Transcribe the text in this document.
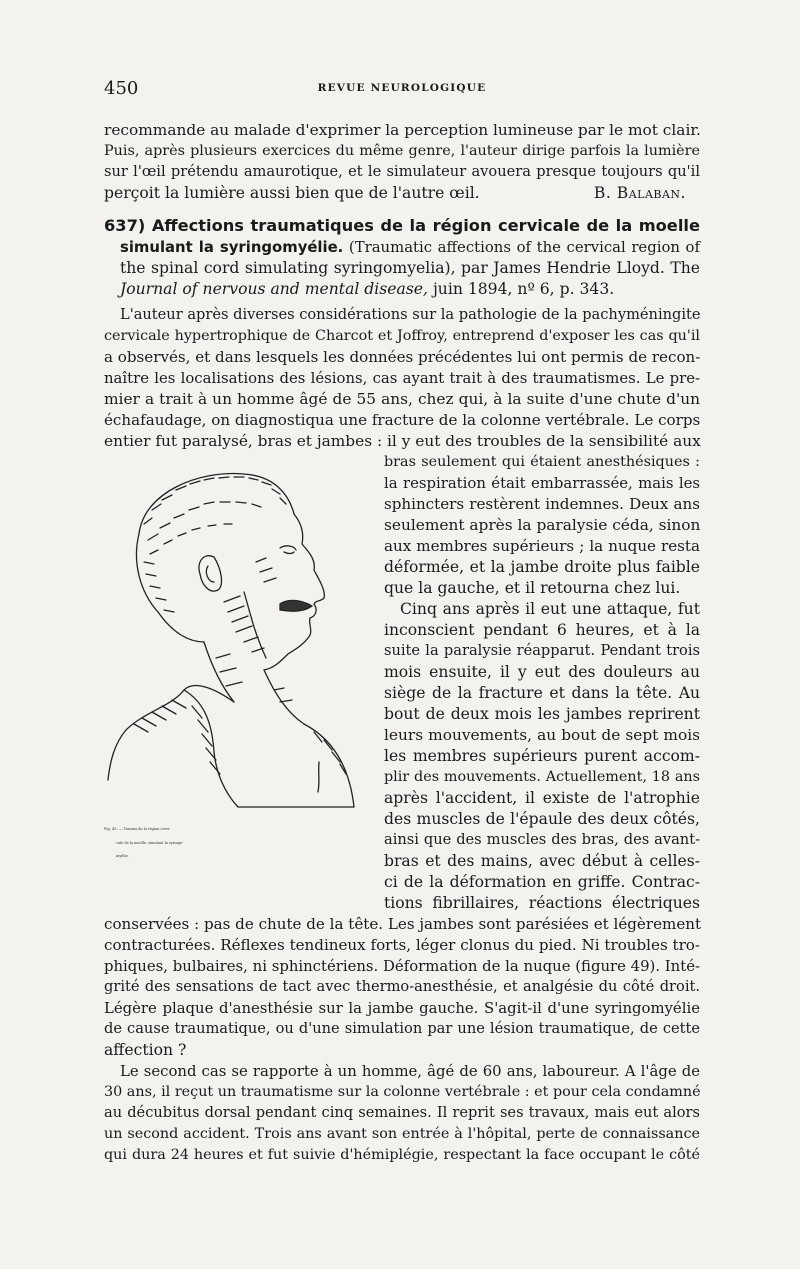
450	REVUE NEUROLOGIQUE
recommande au malade d'exprimer la perception lumineuse par le mot clair.
Puis, après plusieurs exercices du même genre, l'auteur dirige parfois la lumière
sur l'œil prétendu amaurotique, et le simulateur avouera presque toujours qu'il
perçoit la lumière aussi bien que de l'autre œil.	B. Balaban.
637) Affections traumatiques de la région cervicale de la moelle
simulant la syringomyélie. (Traumatic affections of the cervical region of
the spinal cord simulating syringomyelia), par James Hendrie Lloyd. The
Journal of nervous and mental disease, juin 1894, nº 6, p. 343.
L'auteur après diverses considérations sur la pathologie de la pachyméningite
cervicale hypertrophique de Charcot et Joffroy, entreprend d'exposer les cas qu'il
a observés, et dans lesquels les données précédentes lui ont permis de recon-
naître les localisations des lésions, cas ayant trait à des traumatismes. Le pre-
mier a trait à un homme âgé de 55 ans, chez qui, à la suite d'une chute d'un
échafaudage, on diagnostiqua une fracture de la colonne vertébrale. Le corps
entier fut paralysé, bras et jambes : il y eut des troubles de la sensibilité aux
Fig. 49. — Trauma de la région cervi-
cale de la moelle, simulant la syringo-
myélie.
bras seulement qui étaient anesthésiques :
la respiration était embarrassée, mais les
sphincters restèrent indemnes. Deux ans
seulement après la paralysie céda, sinon
aux membres supérieurs ; la nuque resta
déformée, et la jambe droite plus faible
que la gauche, et il retourna chez lui.
Cinq ans après il eut une attaque, fut
inconscient pendant 6 heures, et à la
suite la paralysie réapparut. Pendant trois
mois ensuite, il y eut des douleurs au
siège de la fracture et dans la tête. Au
bout de deux mois les jambes reprirent
leurs mouvements, au bout de sept mois
les membres supérieurs purent accom-
plir des mouvements. Actuellement, 18 ans
après l'accident, il existe de l'atrophie
des muscles de l'épaule des deux côtés,
ainsi que des muscles des bras, des avant-
bras et des mains, avec début à celles-
ci de la déformation en griffe. Contrac-
tions fibrillaires, réactions électriques
conservées : pas de chute de la tête. Les jambes sont parésiées et légèrement
contracturées. Réflexes tendineux forts, léger clonus du pied. Ni troubles tro-
phiques, bulbaires, ni sphinctériens. Déformation de la nuque (figure 49). Inté-
grité des sensations de tact avec thermo-anesthésie, et analgésie du côté droit.
Légère plaque d'anesthésie sur la jambe gauche. S'agit-il d'une syringomyélie
de cause traumatique, ou d'une simulation par une lésion traumatique, de cette
affection ?
Le second cas se rapporte à un homme, âgé de 60 ans, laboureur. A l'âge de
30 ans, il reçut un traumatisme sur la colonne vertébrale : et pour cela condamné
au décubitus dorsal pendant cinq semaines. Il reprit ses travaux, mais eut alors
un second accident. Trois ans avant son entrée à l'hôpital, perte de connaissance
qui dura 24 heures et fut suivie d'hémiplégie, respectant la face occupant le côté
